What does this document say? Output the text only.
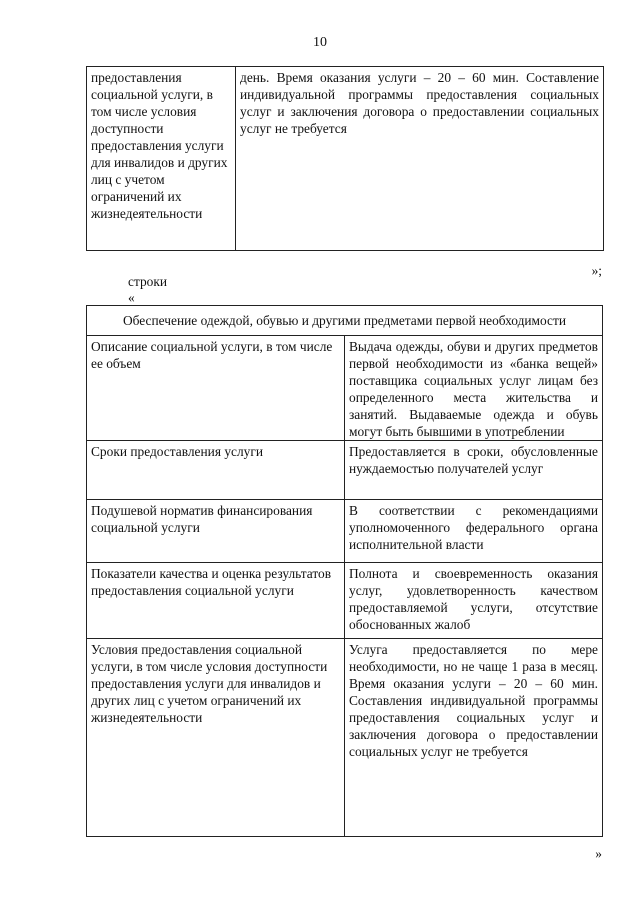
10
предоставления социальной услуги, в том числе условия доступности предоставления услуги для инвалидов и других лиц с учетом ограничений их жизнедеятельности	день. Время оказания услуги – 20 – 60 мин. Составление индивидуальной программы предоставления социальных услуг и заключения договора о предоставлении социальных услуг не требуется
»;
строки
«
Обеспечение одеждой, обувью и другими предметами первой необходимости	
Описание социальной услуги, в том числе ее объем	Выдача одежды, обуви и других предметов первой необходимости из «банка вещей» поставщика социальных услуг лицам без определенного места жительства и занятий. Выдаваемые одежда и обувь могут быть бывшими в употреблении
Сроки предоставления услуги	Предоставляется в сроки, обусловленные нуждаемостью получателей услуг
Подушевой норматив финансирования социальной услуги	В соответствии с рекомендациями уполномоченного федерального органа исполнительной власти
Показатели качества и оценка результатов предоставления социальной услуги	Полнота и своевременность оказания услуг, удовлетворенность качеством предоставляемой услуги, отсутствие обоснованных жалоб
Условия предоставления социальной услуги, в том числе условия доступности предоставления услуги для инвалидов и других лиц с учетом ограничений их жизнедеятельности	Услуга предоставляется по мере необходимости, но не чаще 1 раза в месяц. Время оказания услуги – 20 – 60 мин. Составления индивидуальной программы предоставления социальных услуг и заключения договора о предоставлении социальных услуг не требуется
»
